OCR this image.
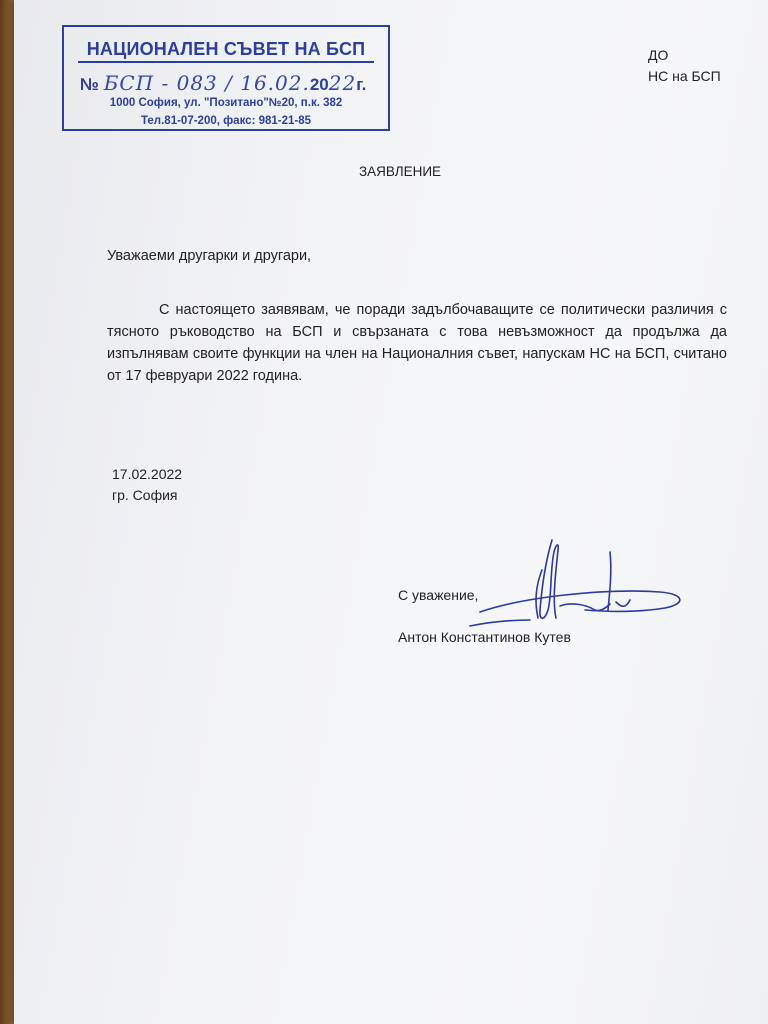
НАЦИОНАЛЕН СЪВЕТ НА БСП
№ БСП - 083 / 16.02.2022г.
1000 София, ул. "Позитано"№20, п.к. 382
Тел.81-07-200, факс: 981-21-85
ДО
НС на БСП
ЗАЯВЛЕНИЕ
Уважаеми другарки и другари,
С настоящето заявявам, че поради задълбочаващите се политически различия с тясното ръководство на БСП и свързаната с това невъзможност да продължа да изпълнявам своите функции на член на Националния съвет, напускам НС на БСП, считано от 17 февруари 2022 година.
17.02.2022
гр. София
С уважение,
Антон Константинов Кутев
